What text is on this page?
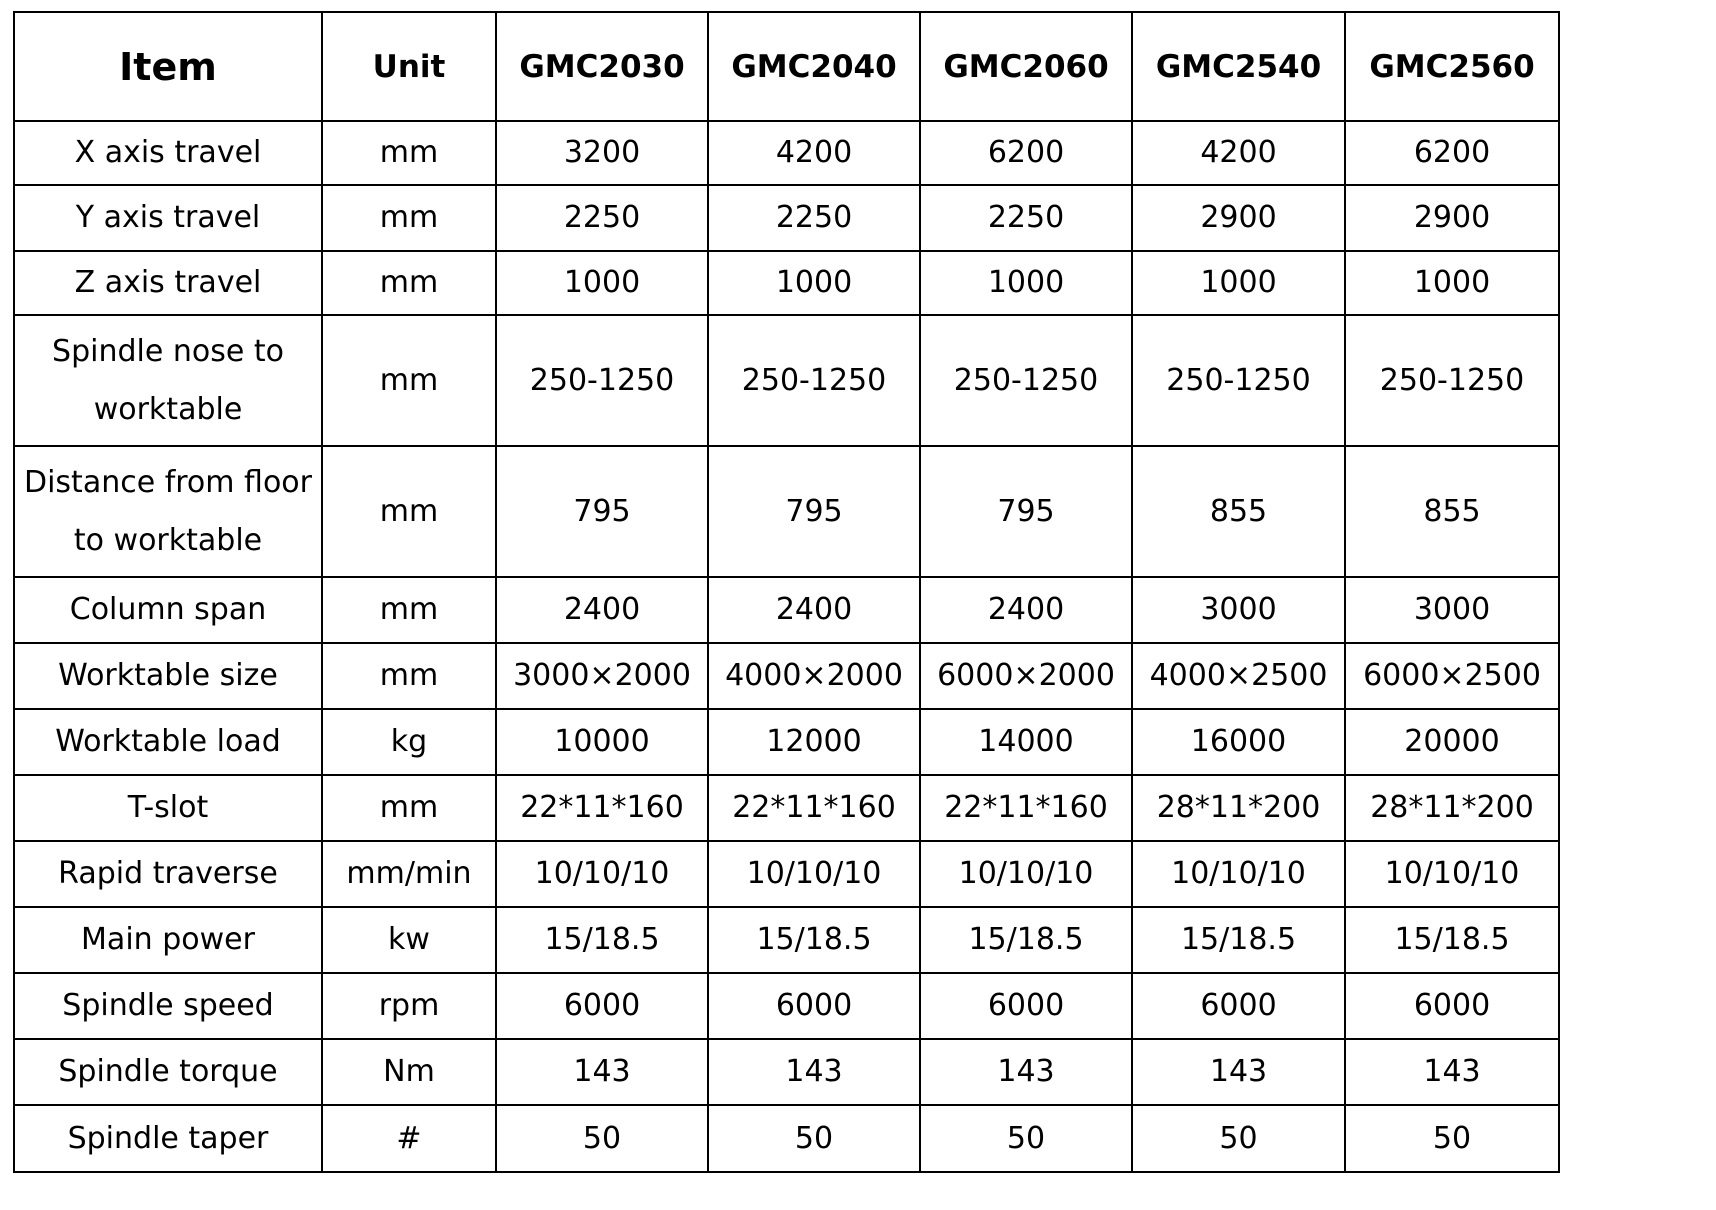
Item	Unit	GMC2030	GMC2040	GMC2060	GMC2540	GMC2560
X axis travel	mm	3200	4200	6200	4200	6200
Y axis travel	mm	2250	2250	2250	2900	2900
Z axis travel	mm	1000	1000	1000	1000	1000
Spindle nose to worktable	mm	250-1250	250-1250	250-1250	250-1250	250-1250
Distance from floor to worktable	mm	795	795	795	855	855
Column span	mm	2400	2400	2400	3000	3000
Worktable size	mm	3000×2000	4000×2000	6000×2000	4000×2500	6000×2500
Worktable load	kg	10000	12000	14000	16000	20000
T-slot	mm	22*11*160	22*11*160	22*11*160	28*11*200	28*11*200
Rapid traverse	mm/min	10/10/10	10/10/10	10/10/10	10/10/10	10/10/10
Main power	kw	15/18.5	15/18.5	15/18.5	15/18.5	15/18.5
Spindle speed	rpm	6000	6000	6000	6000	6000
Spindle torque	Nm	143	143	143	143	143
Spindle taper	#	50	50	50	50	50
